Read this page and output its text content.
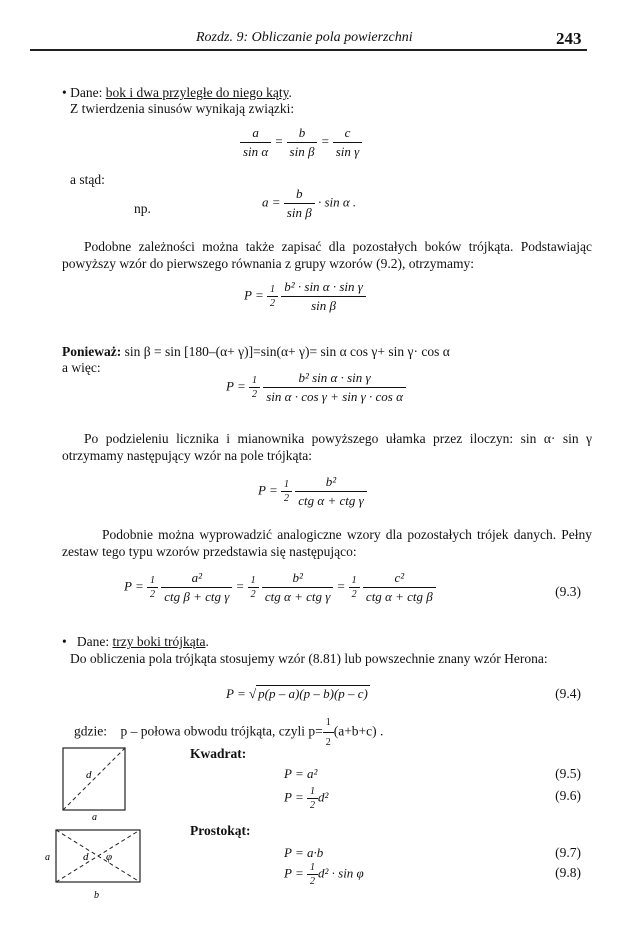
Rozdz. 9: Obliczanie pola powierzchni	243
• Dane: bok i dwa przyległe do niego kąty.
Z twierdzenia sinusów wynikają związki:
$\frac{a}{\text{sin α}} = \frac{b}{\text{sin β}} = \frac{c}{\text{sin γ}}$
a stąd:
np.	$a = \frac{b}{\text{sin β}} \cdot \sin \alpha$ .
Podobne zależności można także zapisać dla pozostałych boków trójkąta. Podstawiając powyższy wzór do pierwszego równania z grupy wzorów (9.2), otrzymamy:
$P = \frac{1}{2}$
$\frac{\text{b² · sin α · sin γ}}{\text{sin β}}$
Ponieważ: sin β = sin [180–(α+ γ)]=sin(α+ γ)= sin α cos γ+ sin γ· cos α
a więc:
$P = \frac{1}{2}$
$\frac{\text{b² sin α · sin γ}}{\text{sin α · cos γ + sin γ · cos α}}$
Po podzieleniu licznika i mianownika powyższego ułamka przez iloczyn: sin α· sin γ otrzymamy następujący wzór na pole trójkąta:
$P = \frac{1}{2}$
$\frac{\text{b²}}{\text{ctg α + ctg γ}}$
Podobnie można wyprowadzić analogiczne wzory dla pozostałych trójek danych. Pełny zestaw tego typu wzorów przedstawia się następująco:
$P = \frac{1}{2}$
$\frac{\text{a²}}{\text{ctg β + ctg γ}} = \frac{1}{2}$
$\frac{\text{b²}}{\text{ctg α + ctg γ}} = \frac{1}{2}$
$\frac{\text{c²}}{\text{ctg α + ctg β}}$	(9.3)
• Dane: trzy boki trójkąta.
Do obliczenia pola trójkąta stosujemy wzór (8.81) lub powszechnie znany wzór Herona:
P = √ p(p – a)(p – b)(p – c)	(9.4)
gdzie: p – połowa obwodu trójkąta, czyli $p= \frac{1}{2} (a+b+c)$ .
d
a
Kwadrat:
P = a²	(9.5)
$P = \frac{1}{2} d^2$	(9.6)
d φ
a
b
Prostokąt:
P = a·b	(9.7)
$P = \frac{1}{2} d^2 \cdot \sin \varphi$	(9.8)
